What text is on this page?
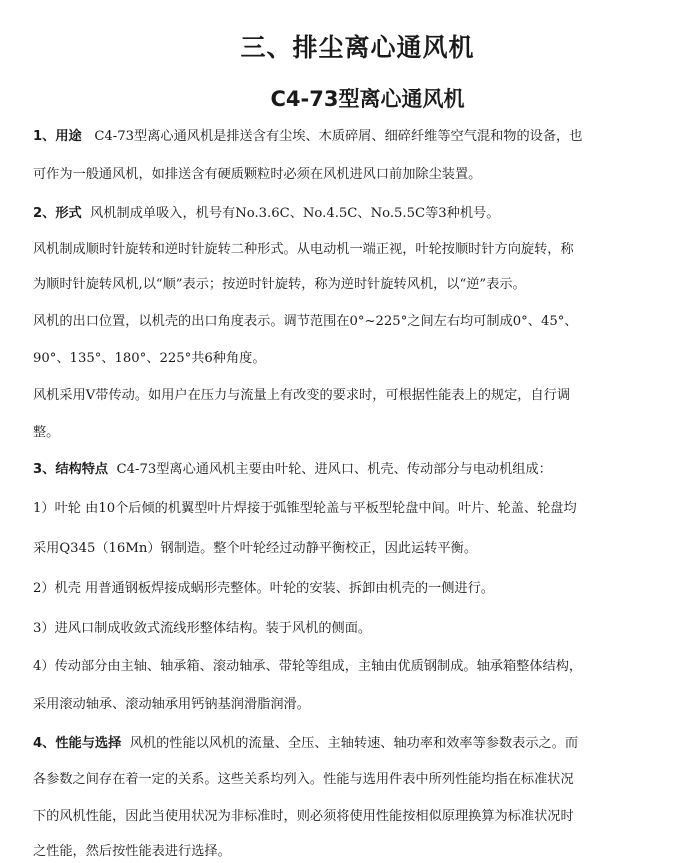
三、排尘离心通风机
C4-73型离心通风机
1、用途 C4-73型离心通风机是排送含有尘埃、木质碎屑、细碎纤维等空气混和物的设备，也
可作为一般通风机，如排送含有硬质颗粒时必须在风机进风口前加除尘装置。
2、形式 风机制成单吸入，机号有No.3.6C、No.4.5C、No.5.5C等3种机号。
风机制成顺时针旋转和逆时针旋转二种形式。从电动机一端正视，叶轮按顺时针方向旋转，称
为顺时针旋转风机,以“顺”表示；按逆时针旋转，称为逆时针旋转风机，以“逆”表示。
风机的出口位置，以机壳的出口角度表示。调节范围在0°~225°之间左右均可制成0°、45°、
90°、135°、180°、225°共6种角度。
风机采用V带传动。如用户在压力与流量上有改变的要求时，可根据性能表上的规定，自行调
整。
3、结构特点 C4-73型离心通风机主要由叶轮、进风口、机壳、传动部分与电动机组成：
1）叶轮 由10个后倾的机翼型叶片焊接于弧锥型轮盖与平板型轮盘中间。叶片、轮盖、轮盘均
采用Q345（16Mn）钢制造。整个叶轮经过动静平衡校正，因此运转平衡。
2）机壳 用普通钢板焊接成蜗形壳整体。叶轮的安装、拆卸由机壳的一侧进行。
3）进风口制成收敛式流线形整体结构。装于风机的侧面。
4）传动部分由主轴、轴承箱、滚动轴承、带轮等组成，主轴由优质钢制成。轴承箱整体结构，
采用滚动轴承、滚动轴承用钙钠基润滑脂润滑。
4、性能与选择 风机的性能以风机的流量、全压、主轴转速、轴功率和效率等参数表示之。而
各参数之间存在着一定的关系。这些关系均列入。性能与选用件表中所列性能均指在标准状况
下的风机性能，因此当使用状况为非标准时，则必须将使用性能按相似原理换算为标准状况时
之性能，然后按性能表进行选择。
